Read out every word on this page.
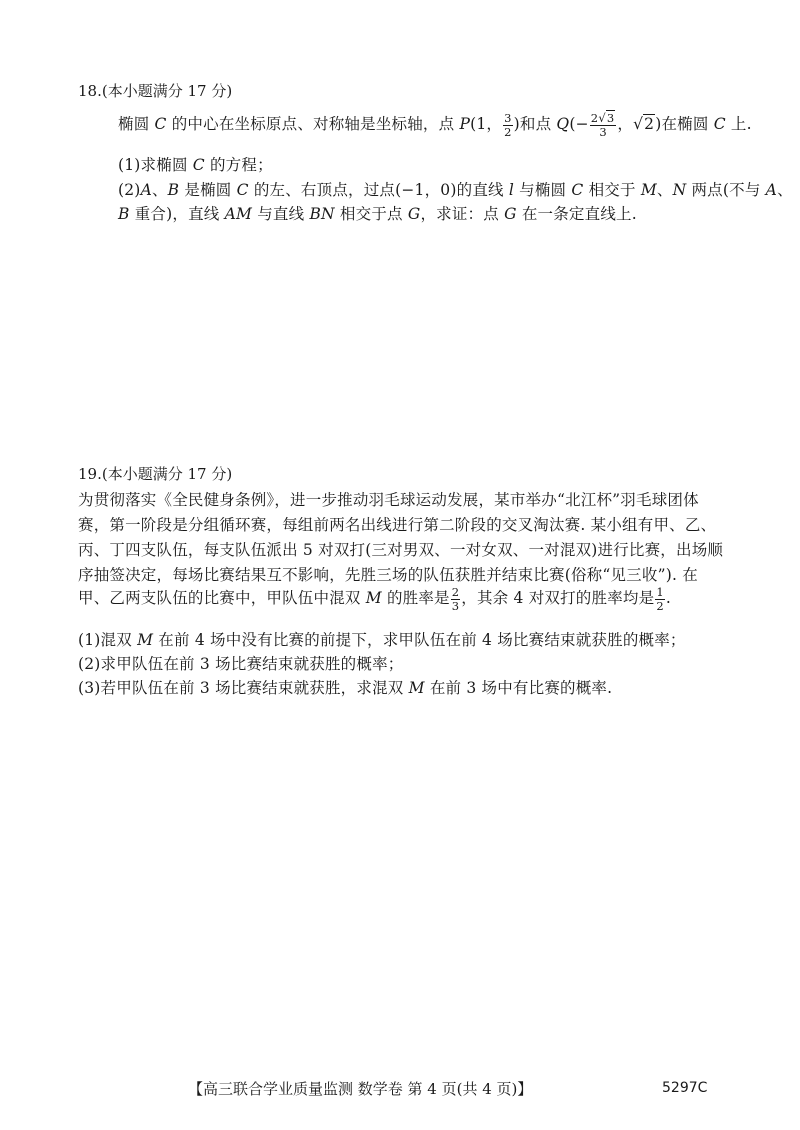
18.(本小题满分 17 分)
椭圆 C 的中心在坐标原点、对称轴是坐标轴，点 P(1， $\frac{3}{2}$ )和点 $Q(- \frac{2√3}{3}$ ，√2)在椭圆 C 上.
(1)求椭圆 C 的方程；
(2)A、B 是椭圆 C 的左、右顶点，过点(−1，0)的直线 l 与椭圆 C 相交于 M、N 两点(不与 A、
B 重合)，直线 AM 与直线 BN 相交于点 G，求证：点 G 在一条定直线上.
19.(本小题满分 17 分)
为贯彻落实《全民健身条例》，进一步推动羽毛球运动发展，某市举办“北江杯”羽毛球团体
赛，第一阶段是分组循环赛，每组前两名出线进行第二阶段的交叉淘汰赛. 某小组有甲、乙、
丙、丁四支队伍，每支队伍派出 5 对双打(三对男双、一对女双、一对混双)进行比赛，出场顺
序抽签决定，每场比赛结果互不影响，先胜三场的队伍获胜并结束比赛(俗称“见三收”). 在
甲、乙两支队伍的比赛中，甲队伍中混双 M 的胜率是 $\frac{2}{3}$ ，其余 4 对双打的胜率均是 $\frac{1}{2}$ .
(1)混双 M 在前 4 场中没有比赛的前提下，求甲队伍在前 4 场比赛结束就获胜的概率；
(2)求甲队伍在前 3 场比赛结束就获胜的概率；
(3)若甲队伍在前 3 场比赛结束就获胜，求混双 M 在前 3 场中有比赛的概率.
【高三联合学业质量监测 数学卷 第 4 页(共 4 页)】	5297C
